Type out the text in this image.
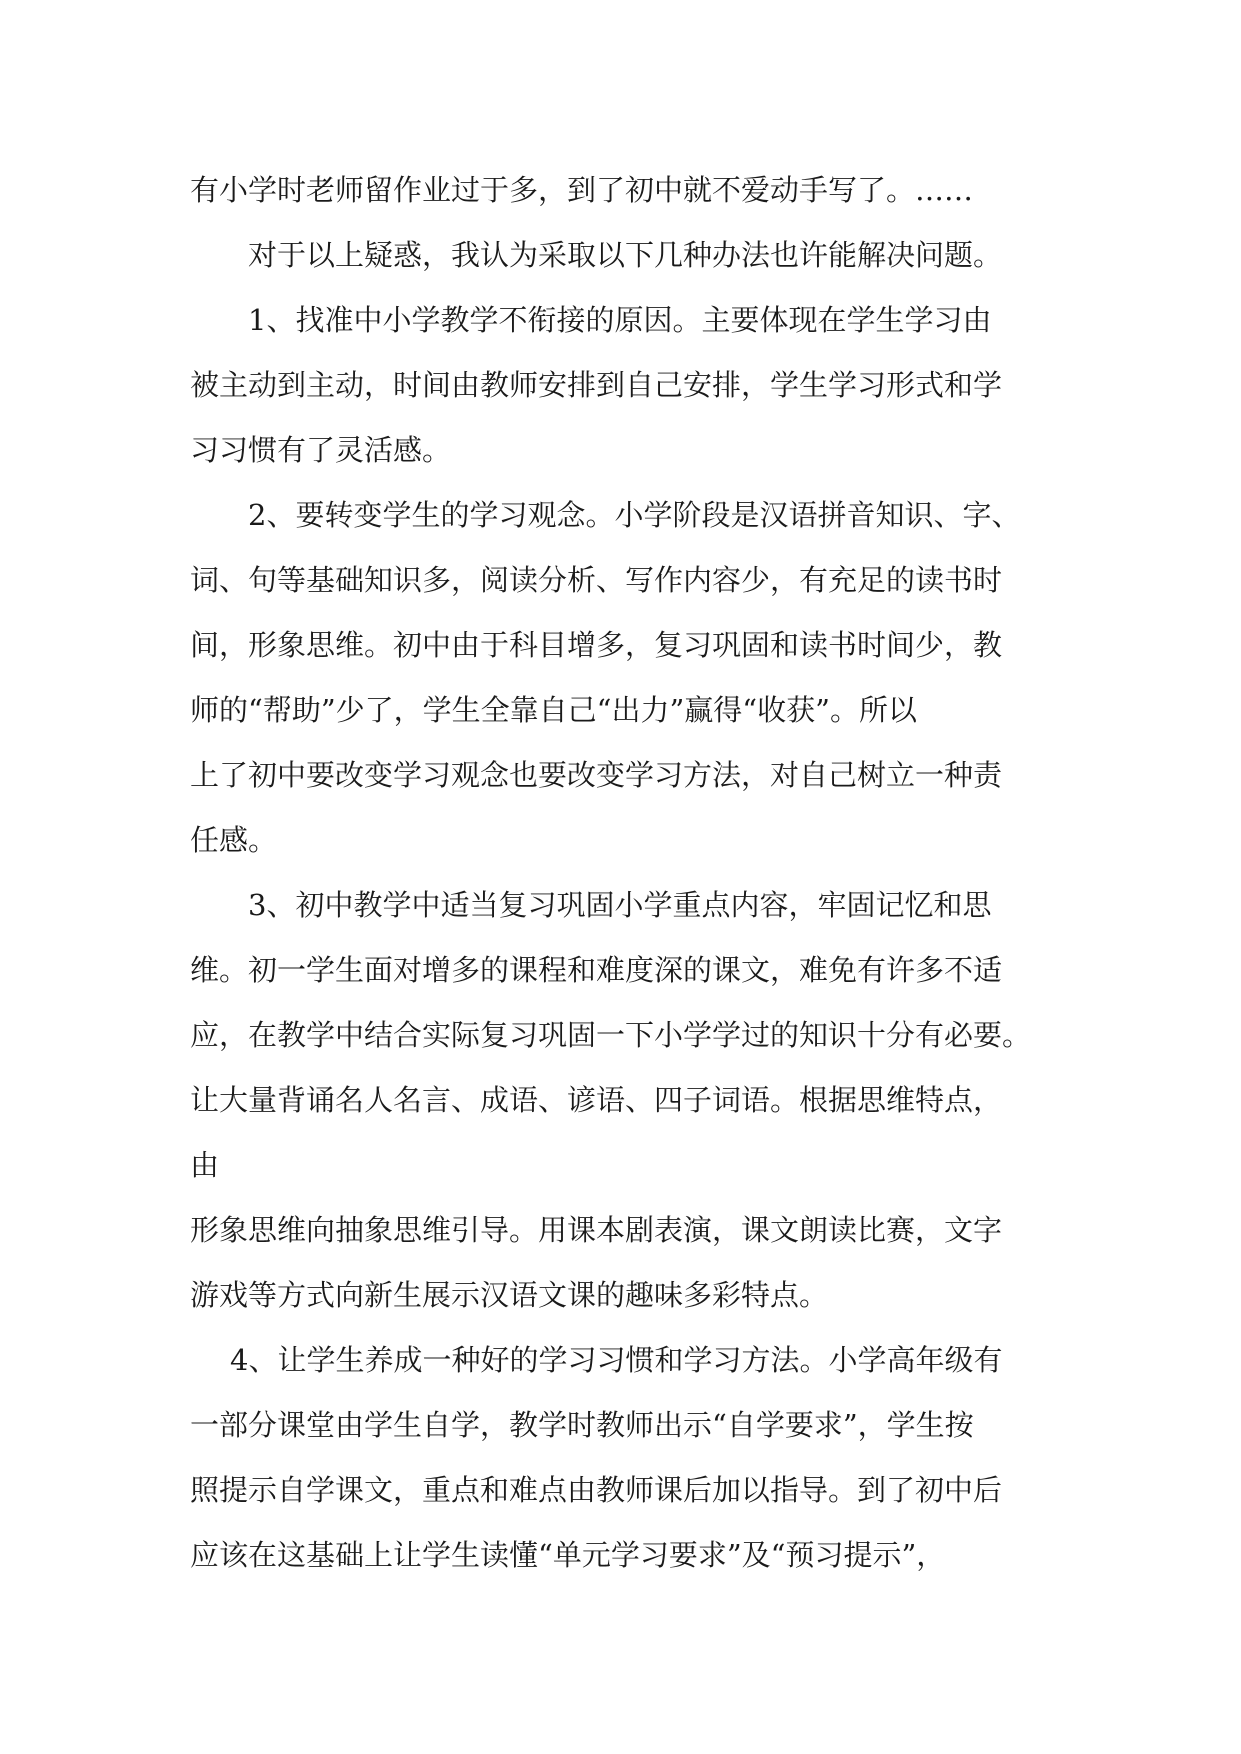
有小学时老师留作业过于多，到了初中就不爱动手写了。……
对于以上疑惑，我认为采取以下几种办法也许能解决问题。
1、找准中小学教学不衔接的原因。主要体现在学生学习由
被主动到主动，时间由教师安排到自己安排，学生学习形式和学
习习惯有了灵活感。
2、要转变学生的学习观念。小学阶段是汉语拼音知识、字、
词、句等基础知识多，阅读分析、写作内容少，有充足的读书时
间，形象思维。初中由于科目增多，复习巩固和读书时间少，教
师的“帮助”少了，学生全靠自己“出力”赢得“收获”。所以
上了初中要改变学习观念也要改变学习方法，对自己树立一种责
任感。
3、初中教学中适当复习巩固小学重点内容，牢固记忆和思
维。初一学生面对增多的课程和难度深的课文，难免有许多不适
应，在教学中结合实际复习巩固一下小学学过的知识十分有必要。
让大量背诵名人名言、成语、谚语、四子词语。根据思维特点，
由
形象思维向抽象思维引导。用课本剧表演，课文朗读比赛，文字
游戏等方式向新生展示汉语文课的趣味多彩特点。
4、让学生养成一种好的学习习惯和学习方法。小学高年级有
一部分课堂由学生自学，教学时教师出示“自学要求”，学生按
照提示自学课文，重点和难点由教师课后加以指导。到了初中后
应该在这基础上让学生读懂“单元学习要求”及“预习提示”，
